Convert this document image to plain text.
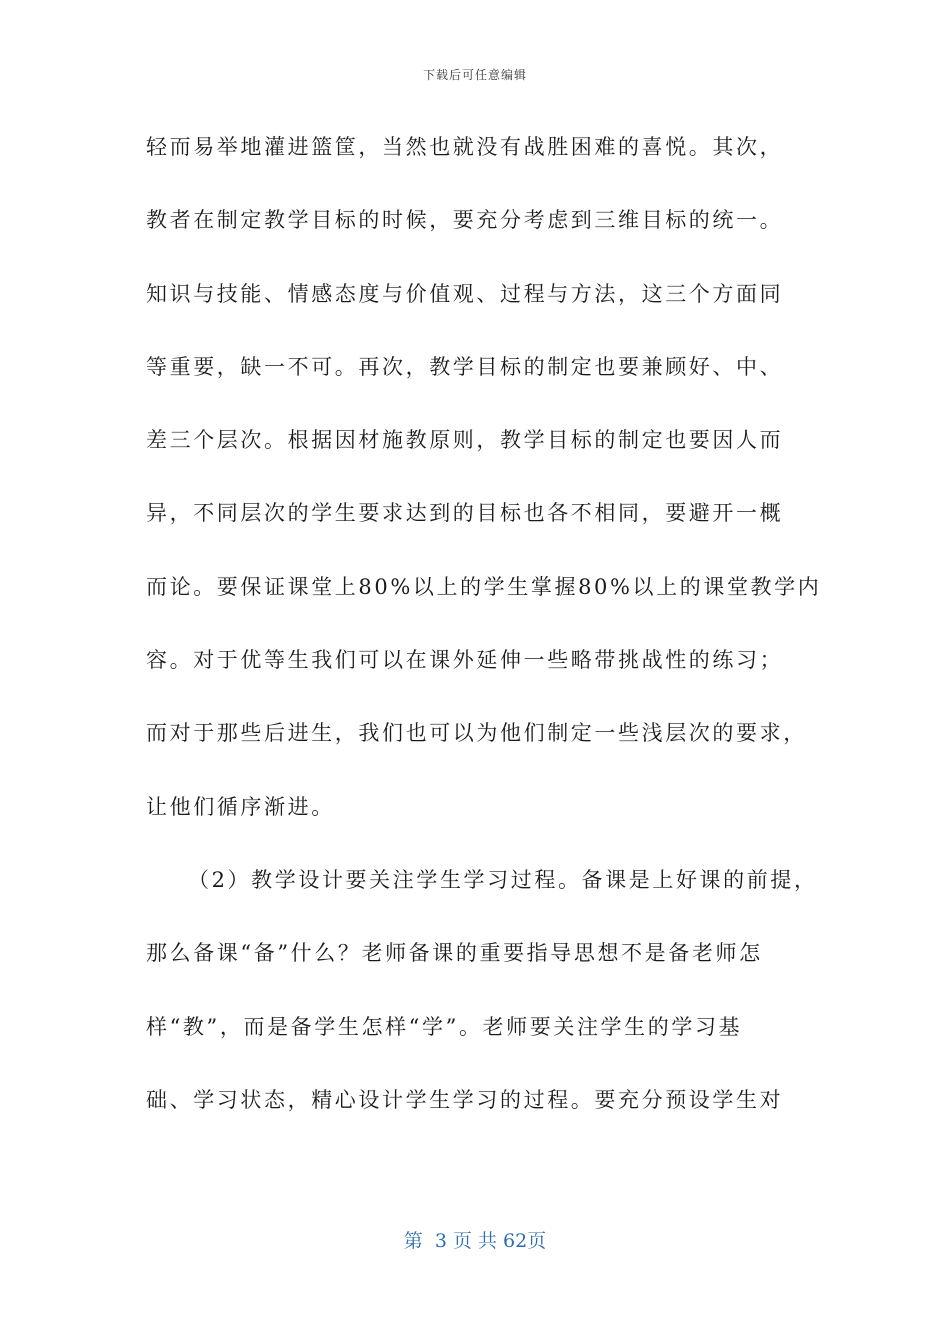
下载后可任意编辑
轻而易举地灌进篮筐，当然也就没有战胜困难的喜悦。其次，
教者在制定教学目标的时候，要充分考虑到三维目标的统一。
知识与技能、情感态度与价值观、过程与方法，这三个方面同
等重要，缺一不可。再次，教学目标的制定也要兼顾好、中、
差三个层次。根据因材施教原则，教学目标的制定也要因人而
异，不同层次的学生要求达到的目标也各不相同，要避开一概
而论。要保证课堂上80%以上的学生掌握80%以上的课堂教学内
容。对于优等生我们可以在课外延伸一些略带挑战性的练习；
而对于那些后进生，我们也可以为他们制定一些浅层次的要求，
让他们循序渐进。
（2）教学设计要关注学生学习过程。备课是上好课的前提，
那么备课“备”什么？老师备课的重要指导思想不是备老师怎
样“教”，而是备学生怎样“学”。老师要关注学生的学习基
础、学习状态，精心设计学生学习的过程。要充分预设学生对
第  3 页 共 62页
